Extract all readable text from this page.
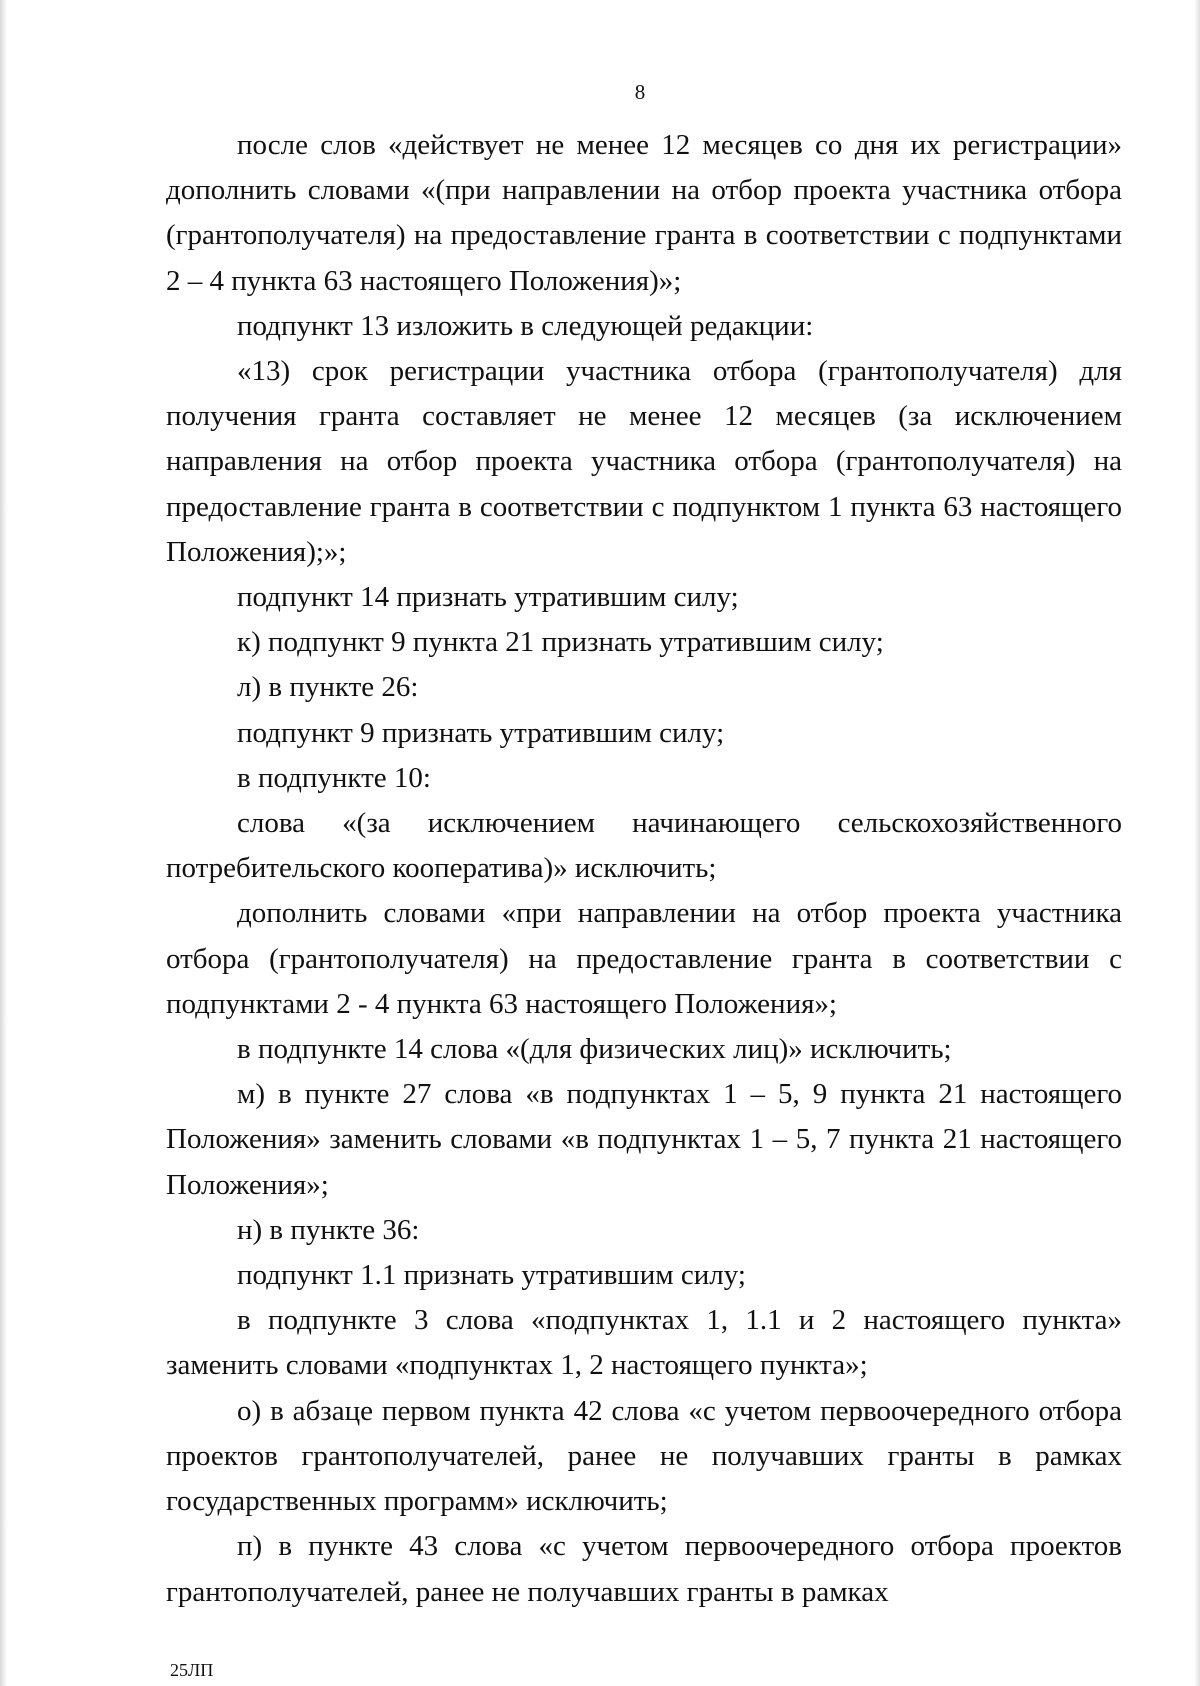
8

после слов «действует не менее 12 месяцев со дня их регистрации» дополнить словами «(при направлении на отбор проекта участника отбора (грантополучателя) на предоставление гранта в соответствии с подпунктами 2 – 4 пункта 63 настоящего Положения)»;

подпункт 13 изложить в следующей редакции:

«13) срок регистрации участника отбора (грантополучателя) для получения гранта составляет не менее 12 месяцев (за исключением направления на отбор проекта участника отбора (грантополучателя) на предоставление гранта в соответствии с подпунктом 1 пункта 63 настоящего Положения);»;

подпункт 14 признать утратившим силу;

к) подпункт 9 пункта 21 признать утратившим силу;

л) в пункте 26:

подпункт 9 признать утратившим силу;

в подпункте 10:

слова «(за исключением начинающего сельскохозяйственного потребительского кооператива)» исключить;

дополнить словами «при направлении на отбор проекта участника отбора (грантополучателя) на предоставление гранта в соответствии с подпунктами 2 - 4 пункта 63 настоящего Положения»;

в подпункте 14 слова «(для физических лиц)» исключить;

м) в пункте 27 слова «в подпунктах 1 – 5, 9 пункта 21 настоящего Положения» заменить словами «в подпунктах 1 – 5, 7 пункта 21 настоящего Положения»;

н) в пункте 36:

подпункт 1.1 признать утратившим силу;

в подпункте 3 слова «подпунктах 1, 1.1 и 2 настоящего пункта» заменить словами «подпунктах 1, 2 настоящего пункта»;

о) в абзаце первом пункта 42 слова «с учетом первоочередного отбора проектов грантополучателей, ранее не получавших гранты в рамках государственных программ» исключить;

п) в пункте 43 слова «с учетом первоочередного отбора проектов грантополучателей, ранее не получавших гранты в рамках

25ЛП
